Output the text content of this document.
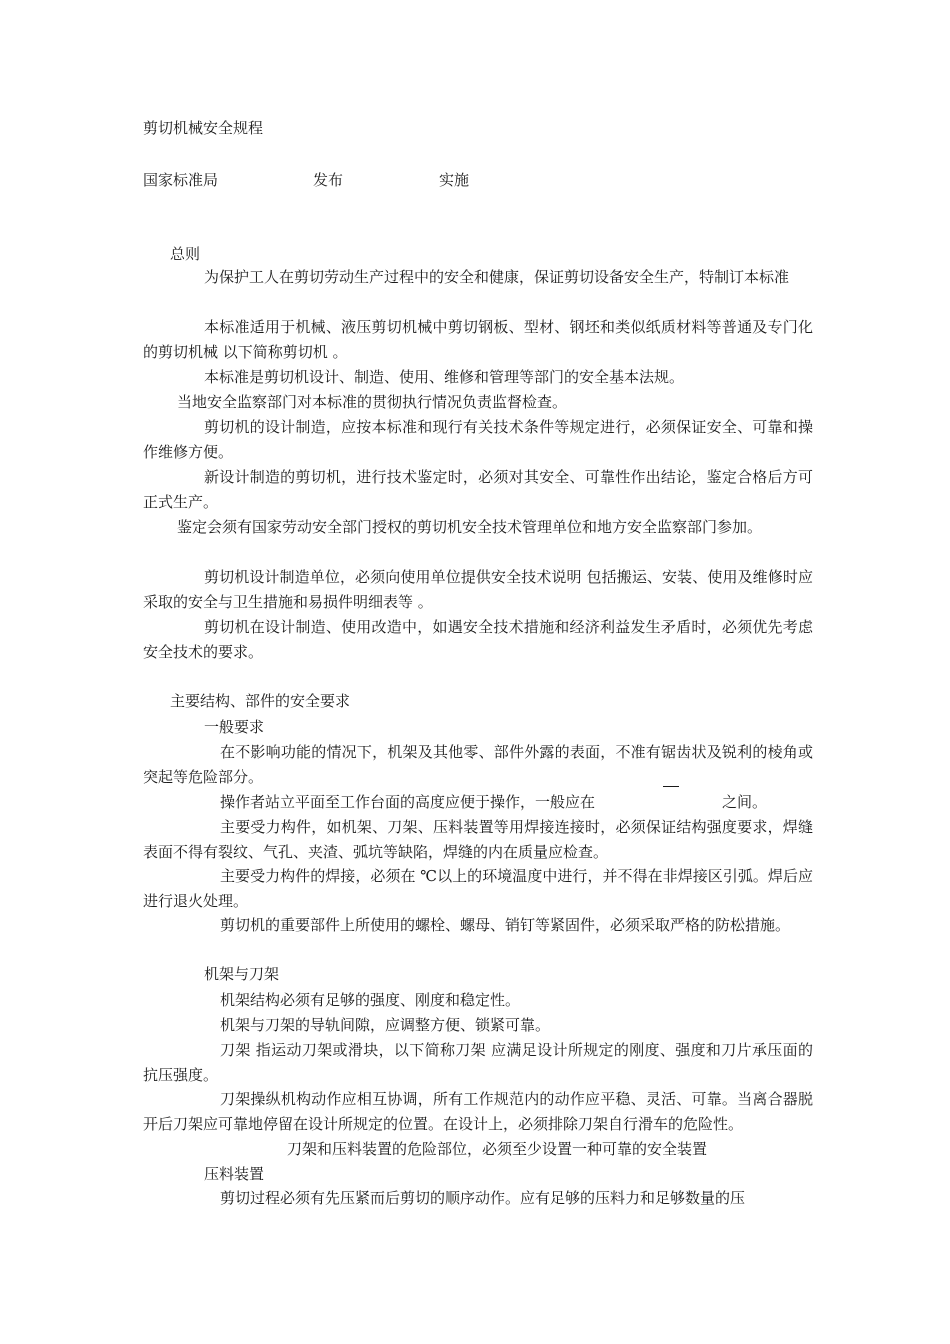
剪切机械安全规程
国家标准局	发布	实施
总则
为保护工人在剪切劳动生产过程中的安全和健康，保证剪切设备安全生产，特制订本标准
本标准适用于机械、液压剪切机械中剪切钢板、型材、钢坯和类似纸质材料等普通及专门化的剪切机械 以下简称剪切机 。
本标准是剪切机设计、制造、使用、维修和管理等部门的安全基本法规。
当地安全监察部门对本标准的贯彻执行情况负责监督检查。
剪切机的设计制造，应按本标准和现行有关技术条件等规定进行，必须保证安全、可靠和操作维修方便。
新设计制造的剪切机，进行技术鉴定时，必须对其安全、可靠性作出结论，鉴定合格后方可正式生产。
鉴定会须有国家劳动安全部门授权的剪切机安全技术管理单位和地方安全监察部门参加。
剪切机设计制造单位，必须向使用单位提供安全技术说明 包括搬运、安装、使用及维修时应采取的安全与卫生措施和易损件明细表等 。
剪切机在设计制造、使用改造中，如遇安全技术措施和经济利益发生矛盾时，必须优先考虑安全技术的要求。
主要结构、部件的安全要求
一般要求
在不影响功能的情况下，机架及其他零、部件外露的表面，不准有锯齿状及锐利的棱角或突起等危险部分。
操作者站立平面至工作台面的高度应便于操作，一般应在	之间。
主要受力构件，如机架、刀架、压料装置等用焊接连接时，必须保证结构强度要求，焊缝表面不得有裂纹、气孔、夹渣、弧坑等缺陷，焊缝的内在质量应检查。
主要受力构件的焊接，必须在 ℃以上的环境温度中进行，并不得在非焊接区引弧。焊后应进行退火处理。
剪切机的重要部件上所使用的螺栓、螺母、销钉等紧固件，必须采取严格的防松措施。
机架与刀架
机架结构必须有足够的强度、刚度和稳定性。
机架与刀架的导轨间隙，应调整方便、锁紧可靠。
刀架 指运动刀架或滑块，以下简称刀架 应满足设计所规定的刚度、强度和刀片承压面的抗压强度。
刀架操纵机构动作应相互协调，所有工作规范内的动作应平稳、灵活、可靠。当离合器脱开后刀架应可靠地停留在设计所规定的位置。在设计上，必须排除刀架自行滑车的危险性。
刀架和压料装置的危险部位，必须至少设置一种可靠的安全装置
压料装置
剪切过程必须有先压紧而后剪切的顺序动作。应有足够的压料力和足够数量的压
